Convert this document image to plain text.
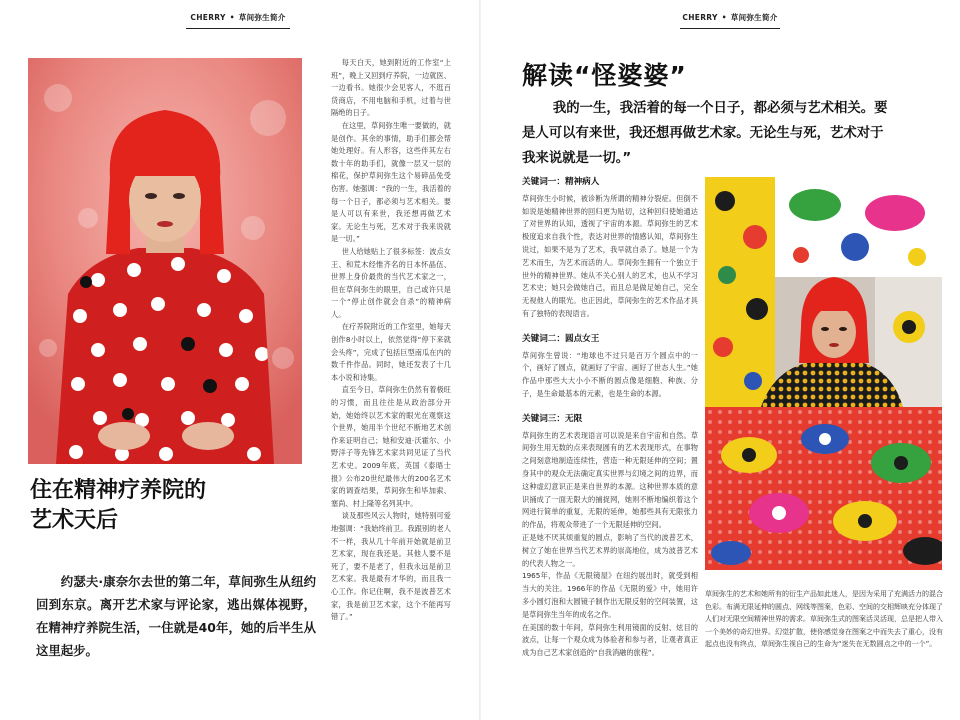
CHERRY • 草间弥生简介

每天白天，她到附近的工作室“上班”，晚上又回到疗养院，一边就医、一边看书。她很少会见客人，不逛百货商店，不用电脑和手机，过着与世隔绝的日子。

在这里，草间弥生唯一要做的，就是创作。其余的事情，助手们都会帮她处理好。有人形容，这些伴其左右数十年的助手们，就像一层又一层的棉花，保护草间弥生这个易碎品免受伤害。她强调：“我的一生，我活着的每一个日子，都必须与艺术相关。要是人可以有来世，我还想再做艺术家。无论生与死，艺术对于我来说就是一切。”

世人给她贴上了很多标签：波点女王、和荒木经惟齐名的日本怀晶伍、世界上身价最贵的当代艺术家之一，但在草间弥生的眼里，自己或许只是一个“停止创作就会自杀”的精神病人。

在疗养院附近的工作室里，她每天创作8小时以上，依然觉得“停下来就会头疼”，完成了包括巨型南瓜在内的数千件作品。同时，她还发表了十几本小说和诗集。

直至今日，草间弥生仍然有着极旺的习惯，而且往往是从政治部分开始，她始终以艺术家的眼光在观察这个世界，她用半个世纪不断地艺术创作来证明自己；她和安迪·沃霍尔、小野洋子等先锋艺术家共同见证了当代艺术史。2009年底，英国《泰晤士报》公布20世纪最伟大的200名艺术家的调查结果，草间弥生和毕加索、塞尚、村上隆等名列其中。

谈及那些风云人物时，她特别可爱地强调：“我始终前卫。我跟别的老人不一样，我从几十年前开始就是前卫艺术家，现在我还是。其他人要不是死了，要不是老了，但我永远是前卫艺术家。我是最有才华的，而且我一心工作。你记住啊，我不是波普艺术家，我是前卫艺术家，这个不能再写错了。”

住在精神疗养院的
艺术天后
约瑟夫·康奈尔去世的第二年，草间弥生从纽约回到东京。离开艺术家与评论家，逃出媒体视野，在精神疗养院生活，一住就是40年，她的后半生从这里起步。
CHERRY • 草间弥生简介
解读“怪婆婆”
我的一生，我活着的每一个日子，都必须与艺术相关。要是人可以有来世，我还想再做艺术家。无论生与死，艺术对于我来说就是一切。”
关键词一：精神病人

草间弥生小时候，被诊断为所谓的精神分裂症。但倒不如说是她精神世界的回归更为贴切，这种回归使她通达了对世界的认知，透视了宇宙的本源。草间弥生的艺术极度追求自我个性，表达对世界的情感认知，草间弥生说过，如果不是为了艺术，我早就自杀了。她是一个为艺术而生，为艺术而活的人。草间弥生拥有一个独立于世外的精神世界。她从不关心别人的艺术，也从不学习艺术史；她只会做她自己，而且总是做足她自己，完全无视他人的眼光。也正因此，草间弥生的艺术作品才具有了独特的表现语言。

关键词二：圆点女王

草间弥生曾说：“地球也不过只是百万个圆点中的一个，画好了圆点，就画好了宇宙、画好了世态人生。”她作品中那些大大小小不断的圆点像是细胞、种族、分子，是生命最基本的元素，也是生命的本源。

关键词三：无限

草间弥生的艺术表现语言可以说是来自宇宙和自然。草间弥生用无数的点来表现圆有的艺术表现形式，在事物之间刻意地制造连续性，营造一种无限延伸的空间；置身其中的观众无法确定真实世界与幻境之间的边界，而这种虚幻意识正是来自世界的本源。这种世界本质的意识捅成了一面无限大的捕捉网，她则不断地编织着这个网进行简单的重复，无限的延伸，她那些具有无限张力的作品，将观众带进了一个无限延伸的空间。

正是她不厌其烦重复的圆点，影响了当代的波普艺术，树立了她在世界当代艺术界的崇高地位，成为波普艺术的代表人物之一。

1965年，作品《无限镜屋》在纽约展出时，就受到相当大的关注。1966年的作品《无限的爱》中，她用许多小圆灯泡和大圆镜子制作出无限反射的空间装置，这是草间弥生当年的成名之作。

在美国的数十年间，草间弥生利用镜面的反射、炫目的波点，让每一个观众成为体验者和参与者，让观者真正成为自己艺术家创造的“自我消融的旅程”。

草间弥生的艺术和她所有的衍生产品如此迷人，是因为采用了充满活力的混合色彩。布满无限延伸的圆点、网线等图案，色彩、空间的交相辉映充分体现了人们对无限空间精神世界的需求。草间弥生式的图案活灵活现，总是把人带入一个美妙的奇幻世界。幻觉扩散，使你感觉身在图案之中而失去了重心，没有起点也没有终点，草间弥生视自己的生命为“迷失在无数圆点之中的一个”。
